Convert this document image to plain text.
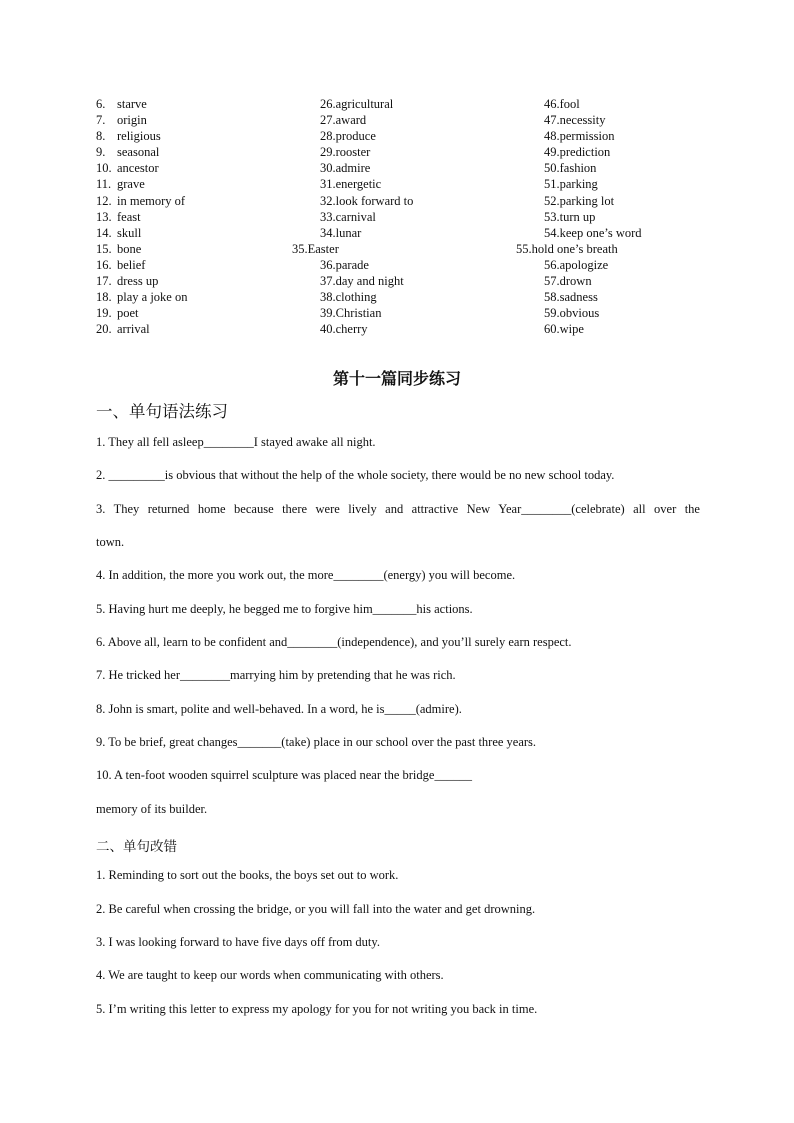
6. starve
7. origin
8. religious
9. seasonal
10. ancestor
11. grave
12. in memory of
13. feast
14. skull
15. bone
16. belief
17. dress up
18. play a joke on
19. poet
20. arrival
26.agricultural
27.award
28.produce
29.rooster
30.admire
31.energetic
32.look forward to
33.carnival
34.lunar
35.Easter
36.parade
37.day and night
38.clothing
39.Christian
40.cherry
46.fool
47.necessity
48.permission
49.prediction
50.fashion
51.parking
52.parking lot
53.turn up
54.keep one’s word
55.hold one’s breath
56.apologize
57.drown
58.sadness
59.obvious
60.wipe
第十一篇同步练习
一、单句语法练习
1. They all fell asleep________I stayed awake all night.
2. _________is obvious that without the help of the whole society, there would be no new school today.
3. They returned home because there were lively and attractive New Year________(celebrate) all over the
town.
4. In addition, the more you work out, the more________(energy) you will become.
5. Having hurt me deeply, he begged me to forgive him_______his actions.
6. Above all, learn to be confident and________(independence), and you’ll surely earn respect.
7. He tricked her________marrying him by pretending that he was rich.
8. John is smart, polite and well-behaved. In a word, he is_____(admire).
9. To be brief, great changes_______(take) place in our school over the past three years.
10. A ten-foot wooden squirrel sculpture was placed near the bridge______
memory of its builder.
二、单句改错
1. Reminding to sort out the books, the boys set out to work.
2. Be careful when crossing the bridge, or you will fall into the water and get drowning.
3. I was looking forward to have five days off from duty.
4. We are taught to keep our words when communicating with others.
5. I’m writing this letter to express my apology for you for not writing you back in time.
